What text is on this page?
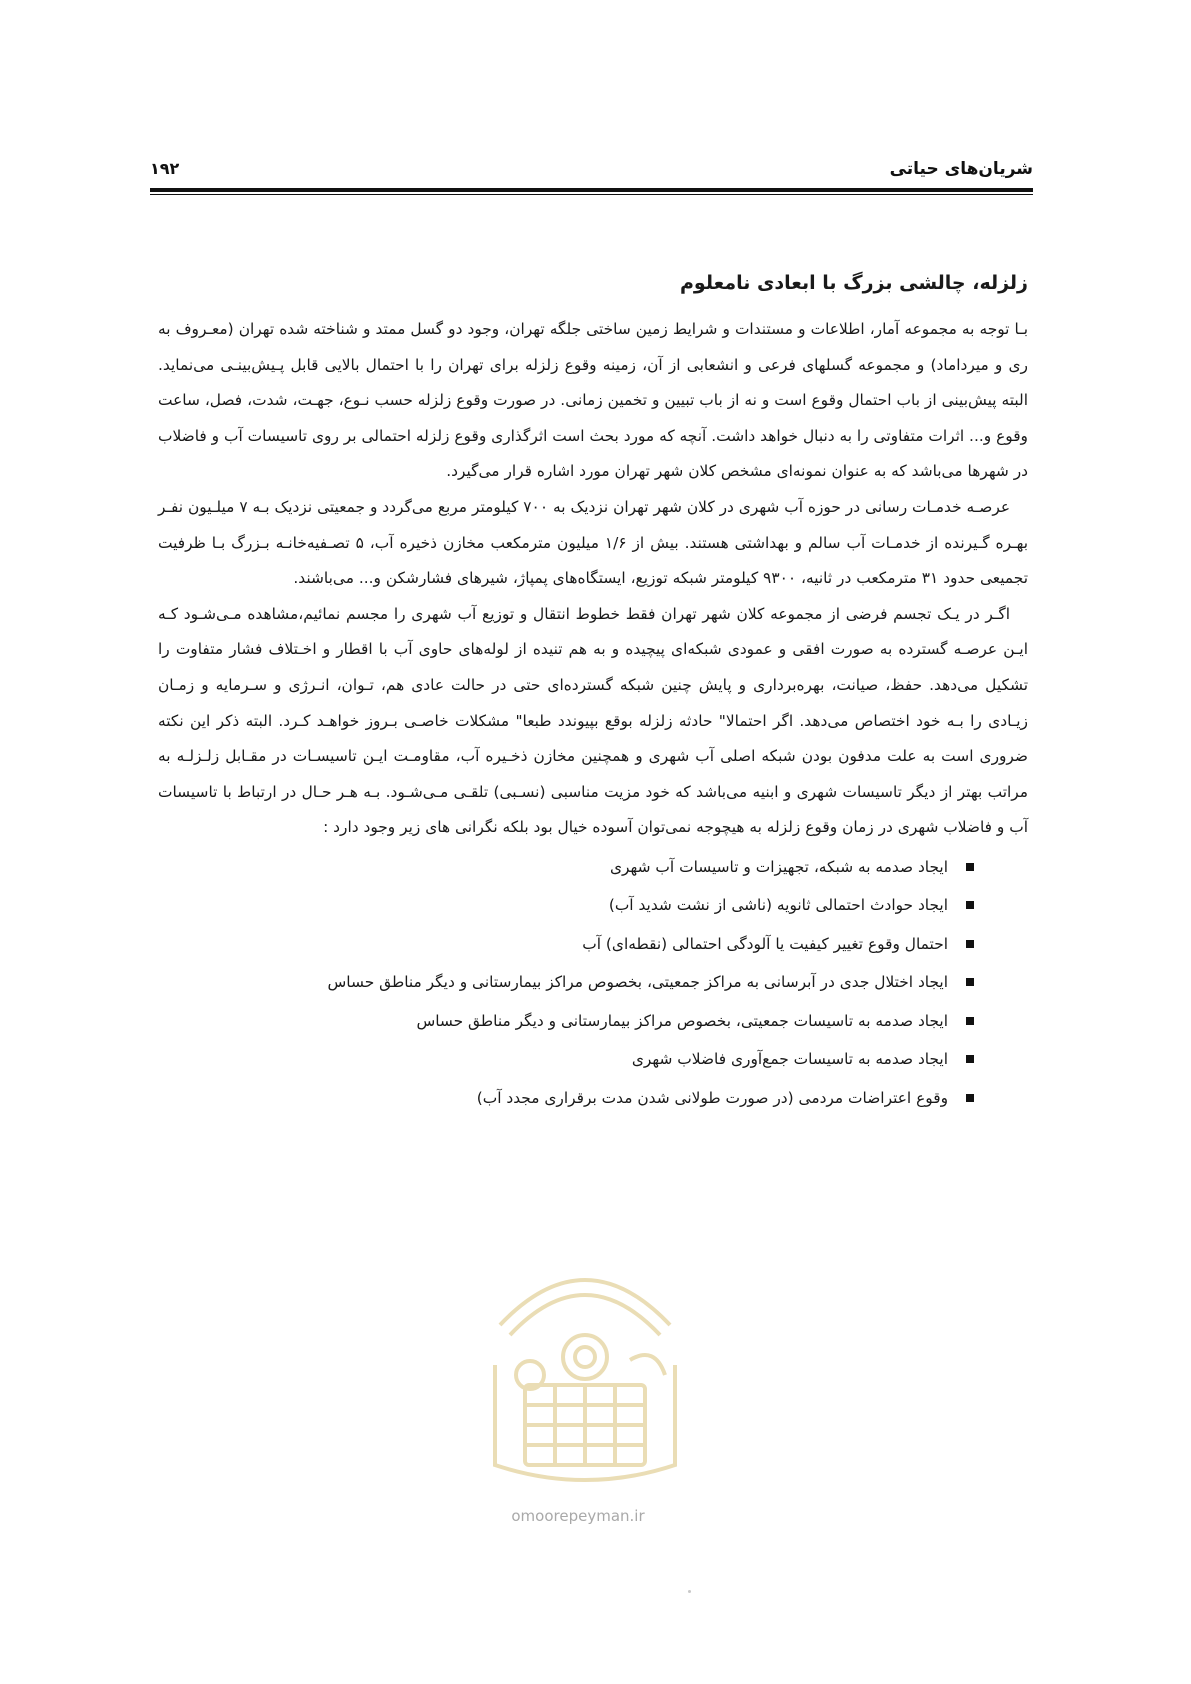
شریان‌های حیاتی
۱۹۲
زلزله، چالشی بزرگ با ابعادی نامعلوم

بـا توجه به مجموعه آمار، اطلاعات و مستندات و شرایط زمین ساختی جلگه تهران، وجود دو گسل ممتد و شناخته شده تهران (معـروف به ری و میرداماد) و مجموعه گسلهای فرعی و انشعابی از آن، زمینه وقوع زلزله برای تهران را با احتمال بالایی قابل پـیش‌بینـی می‌نماید. البته پیش‌بینی از باب احتمال وقوع است و نه از باب تبیین و تخمین زمانی. در صورت وقوع زلزله حسب نـوع، جهـت، شدت، فصل، ساعت وقوع و... اثرات متفاوتی را به دنبال خواهد داشت. آنچه که مورد بحث است اثرگذاری وقوع زلزله احتمالی بر روی تاسیسات آب و فاضلاب در شهرها می‌باشد که به عنوان نمونه‌ای مشخص کلان شهر تهران مورد اشاره قرار می‌گیرد.

عرصـه خدمـات رسانی در حوزه آب شهری در کلان شهر تهران نزدیک به ۷۰۰ کیلومتر مربع می‌گردد و جمعیتی نزدیک بـه ۷ میلـیون نفـر بهـره گـیرنده از خدمـات آب سالم و بهداشتی هستند. بیش از ۱/۶ میلیون مترمکعب مخازن ذخیره آب، ۵ تصـفیه‌خانـه بـزرگ بـا ظرفیت تجمیعی حدود ۳۱ مترمکعب در ثانیه، ۹۳۰۰ کیلومتر شبکه توزیع، ایستگاه‌های پمپاژ، شیرهای فشارشکن و... می‌باشند.

اگـر در یـک تجسم فرضی از مجموعه کلان شهر تهران فقط خطوط انتقال و توزیع آب شهری را مجسم نمائیم،مشاهده مـی‌شـود کـه ایـن عرصـه گسترده به صورت افقی و عمودی شبکه‌ای پیچیده و به هم تنیده از لوله‌های حاوی آب با اقطار و اخـتلاف فشار متفاوت را تشکیل می‌دهد. حفظ، صیانت، بهره‌برداری و پایش چنین شبکه گسترده‌ای حتی در حالت عادی هم، تـوان، انـرژی و سـرمایه و زمـان زیـادی را بـه خود اختصاص می‌دهد. اگر احتمالا" حادثه زلزله بوقع بپیوندد طبعا" مشکلات خاصـی بـروز خواهـد کـرد. البته ذکر این نکته ضروری است به علت مدفون بودن شبکه اصلی آب شهری و همچنین مخازن ذخـیره آب، مقاومـت ایـن تاسیسـات در مقـابل زلـزلـه به مراتب بهتر از دیگر تاسیسات شهری و ابنیه می‌باشد که خود مزیت مناسبی (نسـبی) تلقـی مـی‌شـود. بـه هـر حـال در ارتباط با تاسیسات آب و فاضلاب شهری در زمان وقوع زلزله به هیچوجه نمی‌توان آسوده خیال بود بلکه نگرانی های زیر وجود دارد :

ایجاد صدمه به شبکه، تجهیزات و تاسیسات آب شهری
ایجاد حوادث احتمالی ثانویه (ناشی از نشت شدید آب)
احتمال وقوع تغییر کیفیت یا آلودگی احتمالی (نقطه‌ای) آب
ایجاد اختلال جدی در آبرسانی به مراکز جمعیتی، بخصوص مراکز بیمارستانی و دیگر مناطق حساس
ایجاد صدمه به تاسیسات جمعیتی، بخصوص مراکز بیمارستانی و دیگر مناطق حساس
ایجاد صدمه به تاسیسات جمع‌آوری فاضلاب شهری
وقوع اعتراضات مردمی (در صورت طولانی شدن مدت برقراری مجدد آب)
omoorepeyman.ir
